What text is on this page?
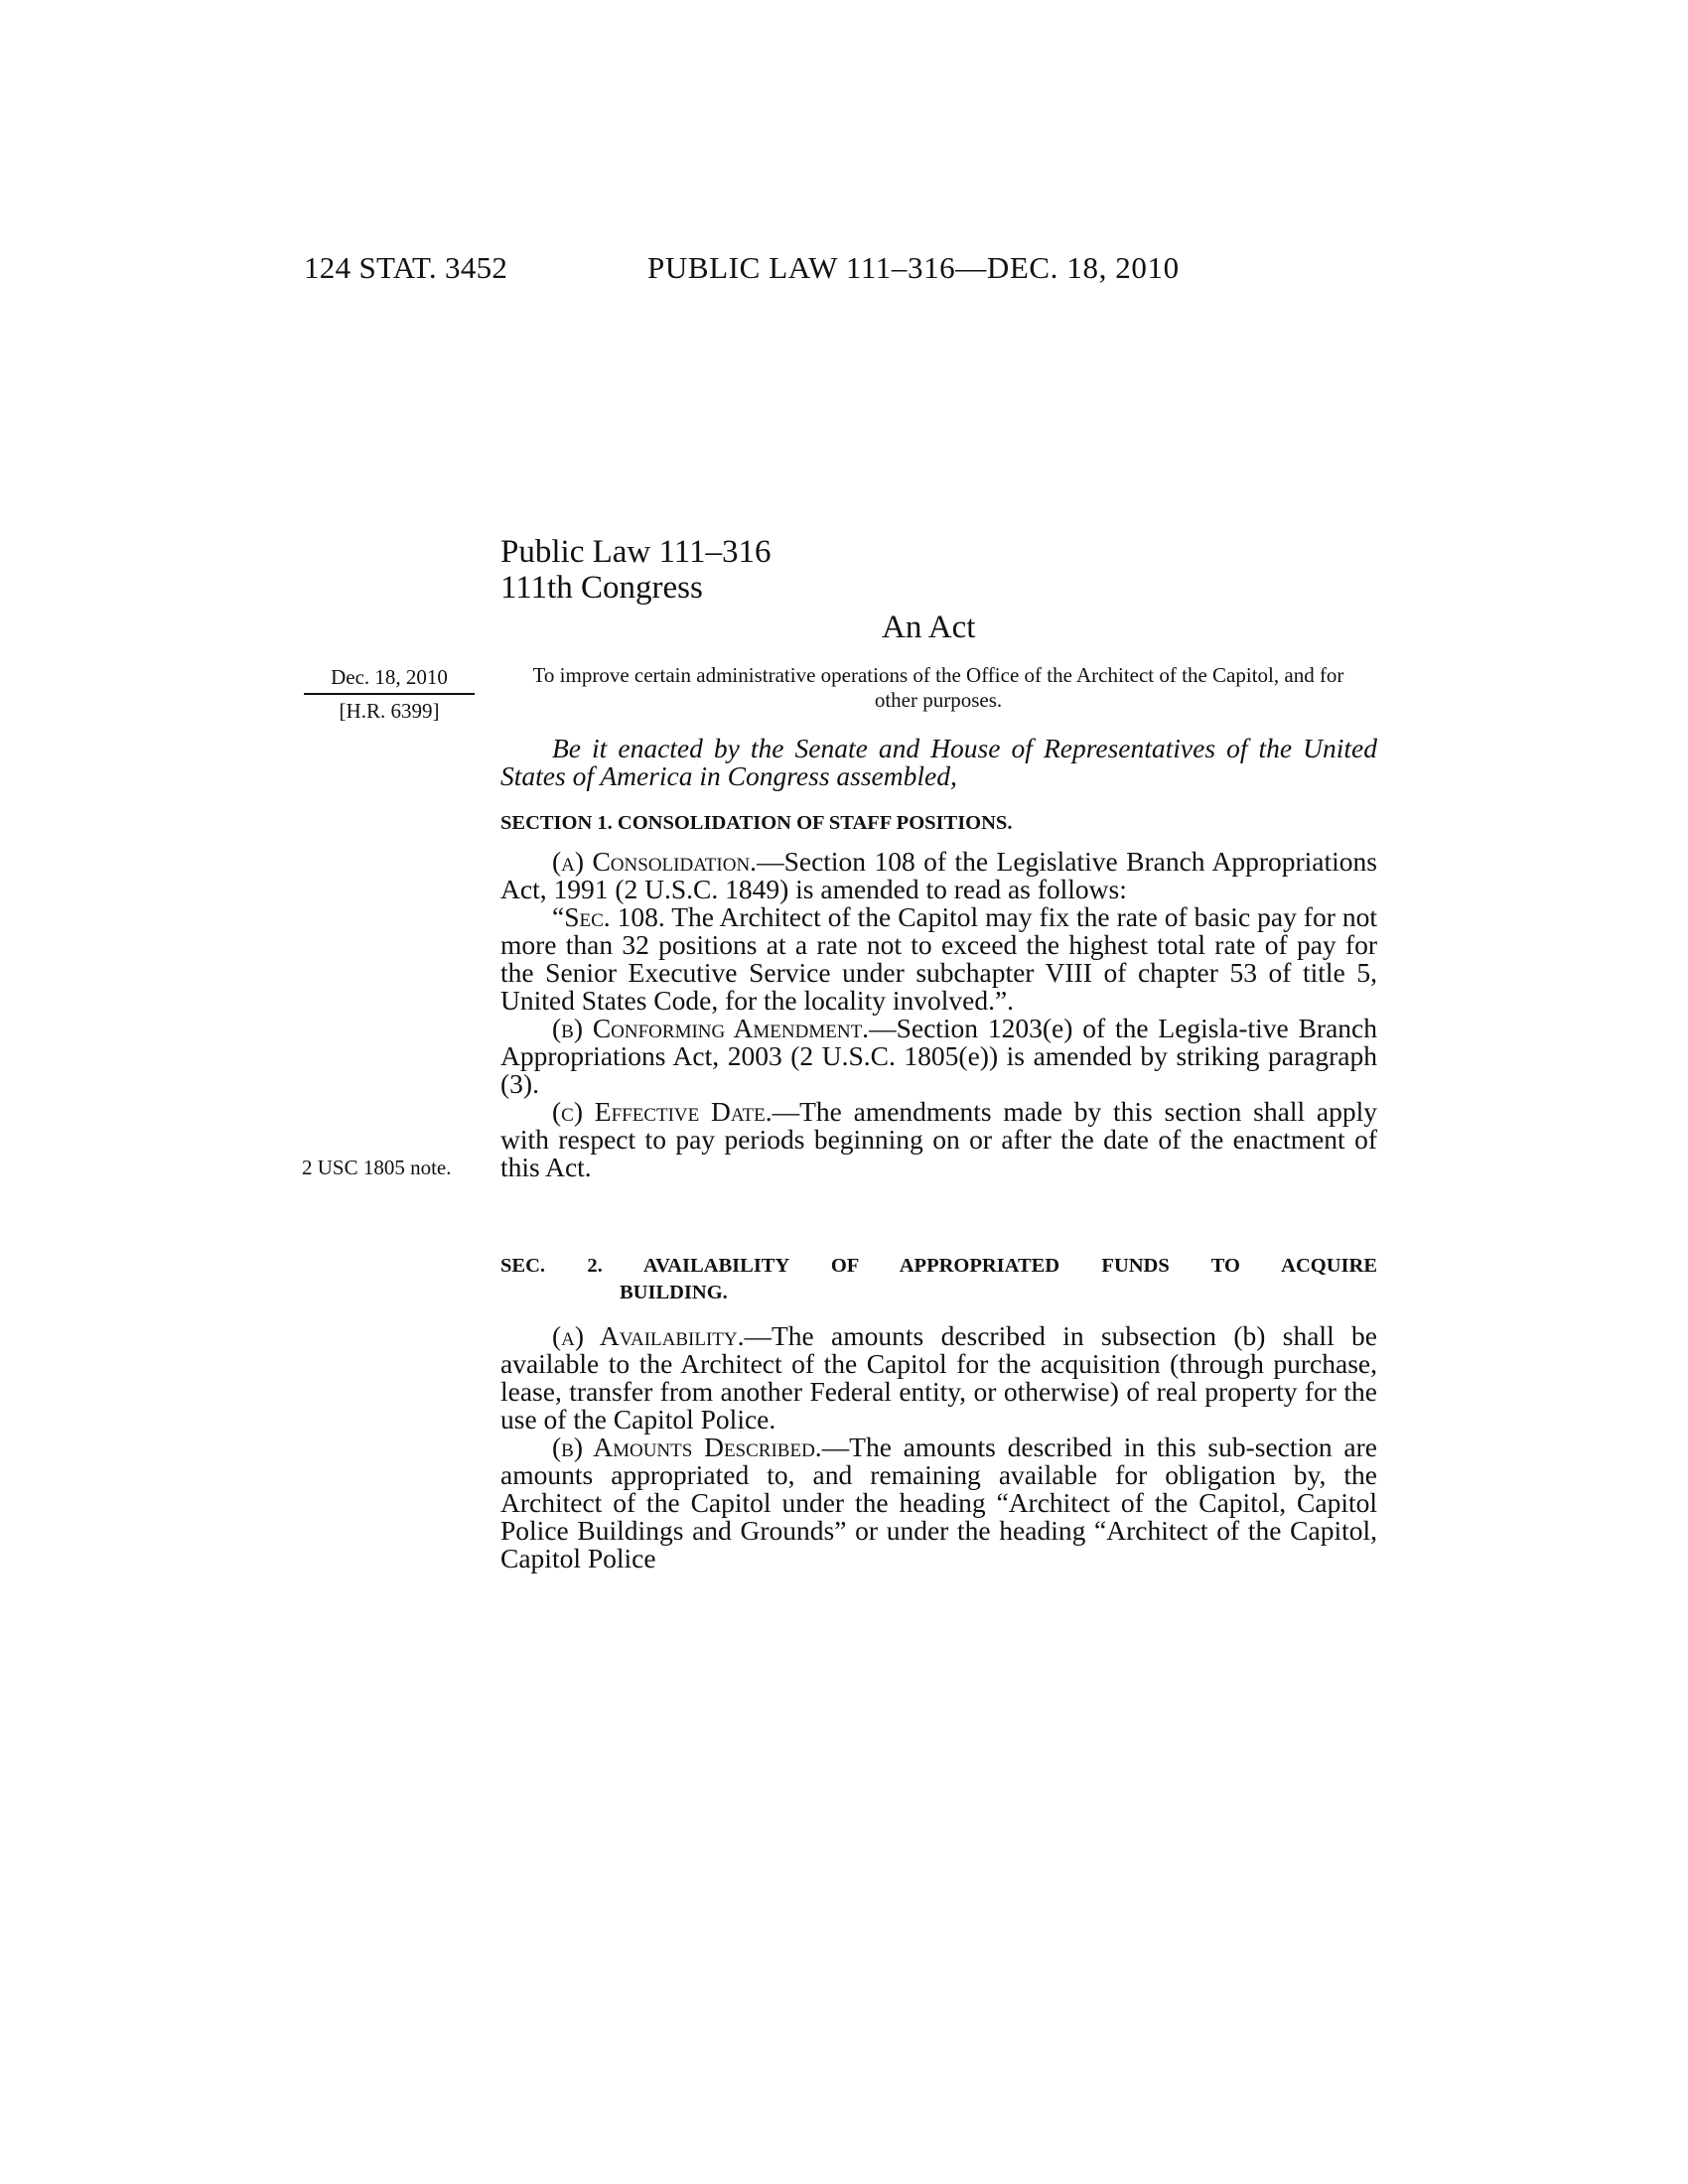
124 STAT. 3452	PUBLIC LAW 111–316—DEC. 18, 2010
Public Law 111–316
111th Congress
An Act
Dec. 18, 2010
[H.R. 6399]
2 USC 1805 note.
To improve certain administrative operations of the Office of the Architect of the Capitol, and for other purposes.
Be it enacted by the Senate and House of Representatives of the United States of America in Congress assembled,
SECTION 1. CONSOLIDATION OF STAFF POSITIONS.

(a) Consolidation.—Section 108 of the Legislative Branch Appropriations Act, 1991 (2 U.S.C. 1849) is amended to read as follows:

“Sec. 108. The Architect of the Capitol may fix the rate of basic pay for not more than 32 positions at a rate not to exceed the highest total rate of pay for the Senior Executive Service under subchapter VIII of chapter 53 of title 5, United States Code, for the locality involved.”.

(b) Conforming Amendment.—Section 1203(e) of the Legisla-tive Branch Appropriations Act, 2003 (2 U.S.C. 1805(e)) is amended by striking paragraph (3).

(c) Effective Date.—The amendments made by this section shall apply with respect to pay periods beginning on or after the date of the enactment of this Act.

SEC. 2. AVAILABILITY OF APPROPRIATED FUNDS TO ACQUIRE
BUILDING.

(a) Availability.—The amounts described in subsection (b) shall be available to the Architect of the Capitol for the acquisition (through purchase, lease, transfer from another Federal entity, or otherwise) of real property for the use of the Capitol Police.

(b) Amounts Described.—The amounts described in this sub-section are amounts appropriated to, and remaining available for obligation by, the Architect of the Capitol under the heading “Architect of the Capitol, Capitol Police Buildings and Grounds” or under the heading “Architect of the Capitol, Capitol Police
